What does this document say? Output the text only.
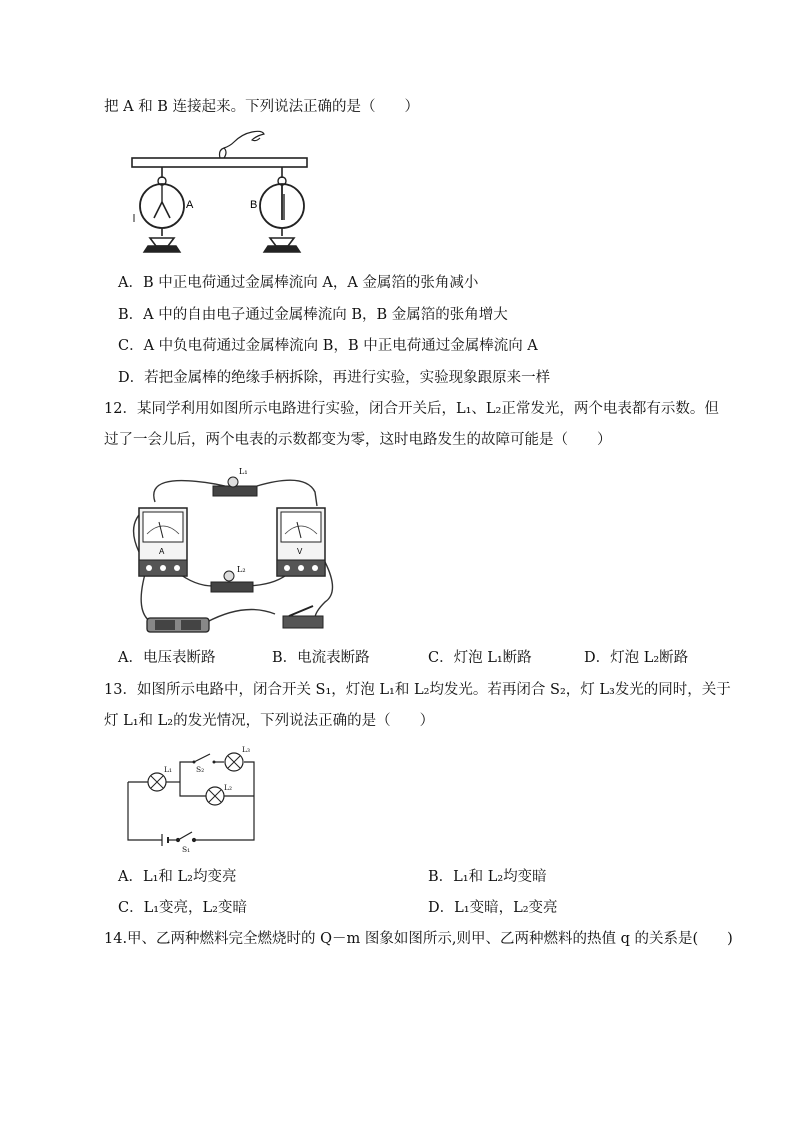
把 A 和 B 连接起来。下列说法正确的是（　　）
A	B
A．B 中正电荷通过金属棒流向 A，A 金属箔的张角减小
B．A 中的自由电子通过金属棒流向 B，B 金属箔的张角增大
C．A 中负电荷通过金属棒流向 B，B 中正电荷通过金属棒流向 A
D．若把金属棒的绝缘手柄拆除，再进行实验，实验现象跟原来一样
12．某同学利用如图所示电路进行实验，闭合开关后，L₁、L₂正常发光，两个电表都有示数。但
过了一会儿后，两个电表的示数都变为零，这时电路发生的故障可能是（　　）
A	V
L₁
L₂
A．电压表断路	B．电流表断路	C．灯泡 L₁断路	D．灯泡 L₂断路
13．如图所示电路中，闭合开关 S₁，灯泡 L₁和 L₂均发光。若再闭合 S₂，灯 L₃发光的同时，关于
灯 L₁和 L₂的发光情况，下列说法正确的是（　　）
L₁	S₂
L₃
L₂
S₁
A．L₁和 L₂均变亮	B．L₁和 L₂均变暗
C．L₁变亮，L₂变暗	D．L₁变暗，L₂变亮
14.甲、乙两种燃料完全燃烧时的 Q－m 图象如图所示,则甲、乙两种燃料的热值 q 的关系是(　　)
